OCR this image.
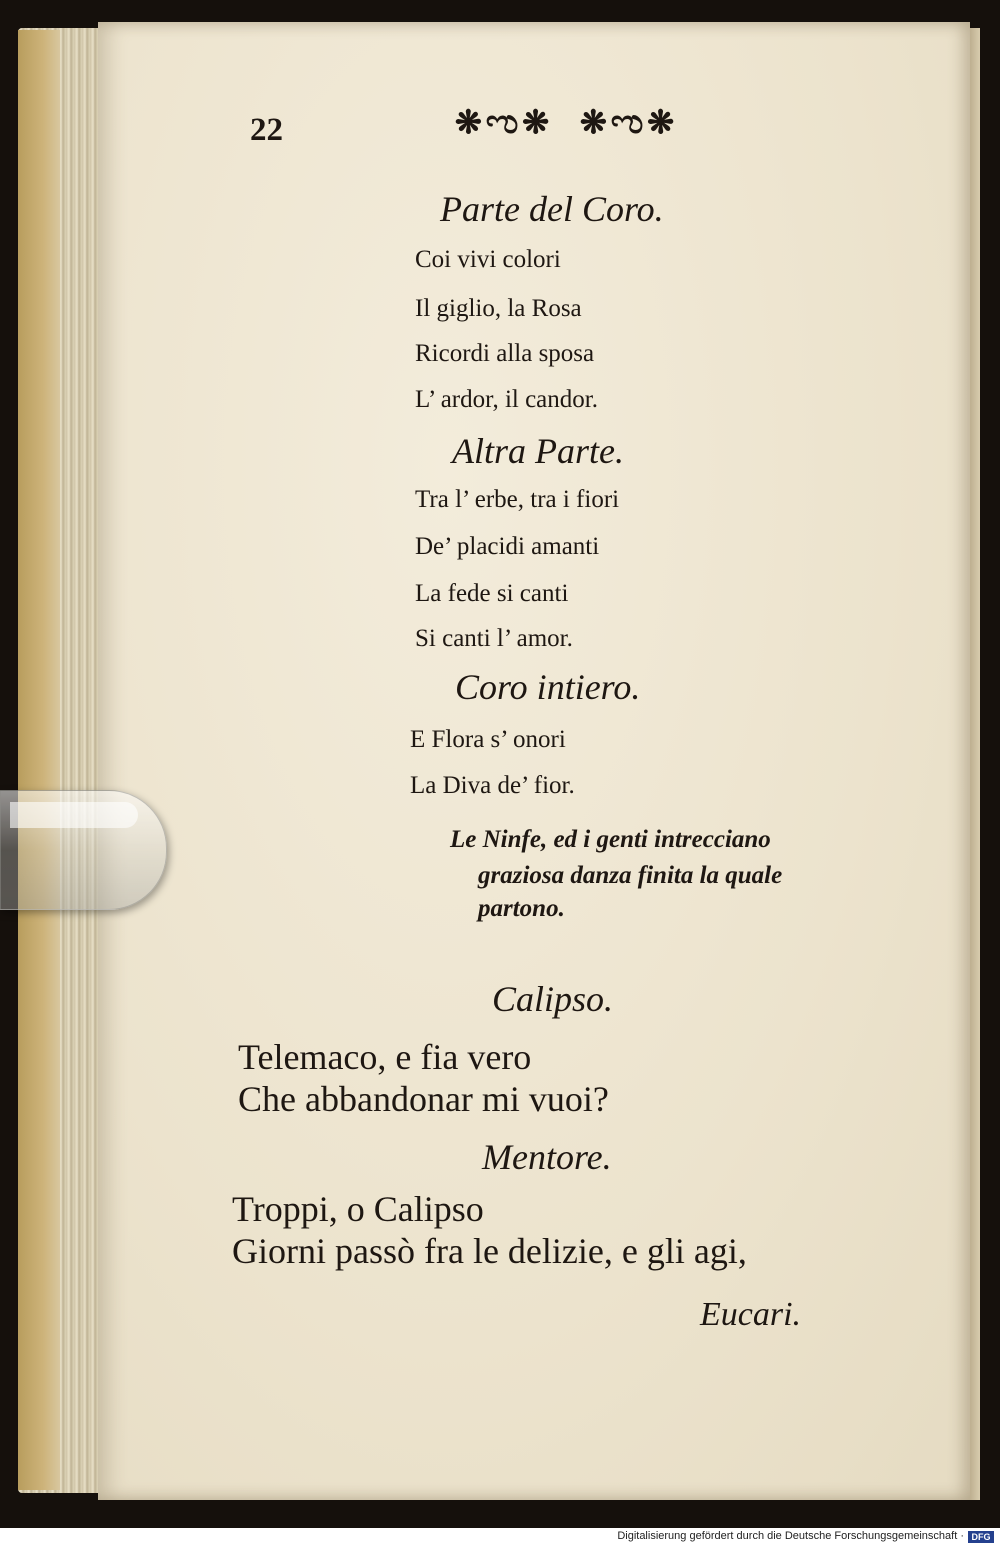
22	❋ಌ❋ ❋ಌ❋
Parte del Coro.
Coi vivi colori
Il giglio, la Rosa
Ricordi alla sposa
L’ ardor, il candor.
Altra Parte.
Tra l’ erbe, tra i fiori
De’ placidi amanti
La fede si canti
Si canti l’ amor.
Coro intiero.
E Flora s’ onori
La Diva de’ fior.
Le Ninfe, ed i genti intrecciano
graziosa danza finita la quale
partono.
Calipso.
Telemaco, e fia vero
Che abbandonar mi vuoi?
Mentore.
Troppi, o Calipso
Giorni passò fra le delizie, e gli agi,
Eucari.
Digitalisierung gefördert durch die Deutsche Forschungsgemeinschaft · DFG
